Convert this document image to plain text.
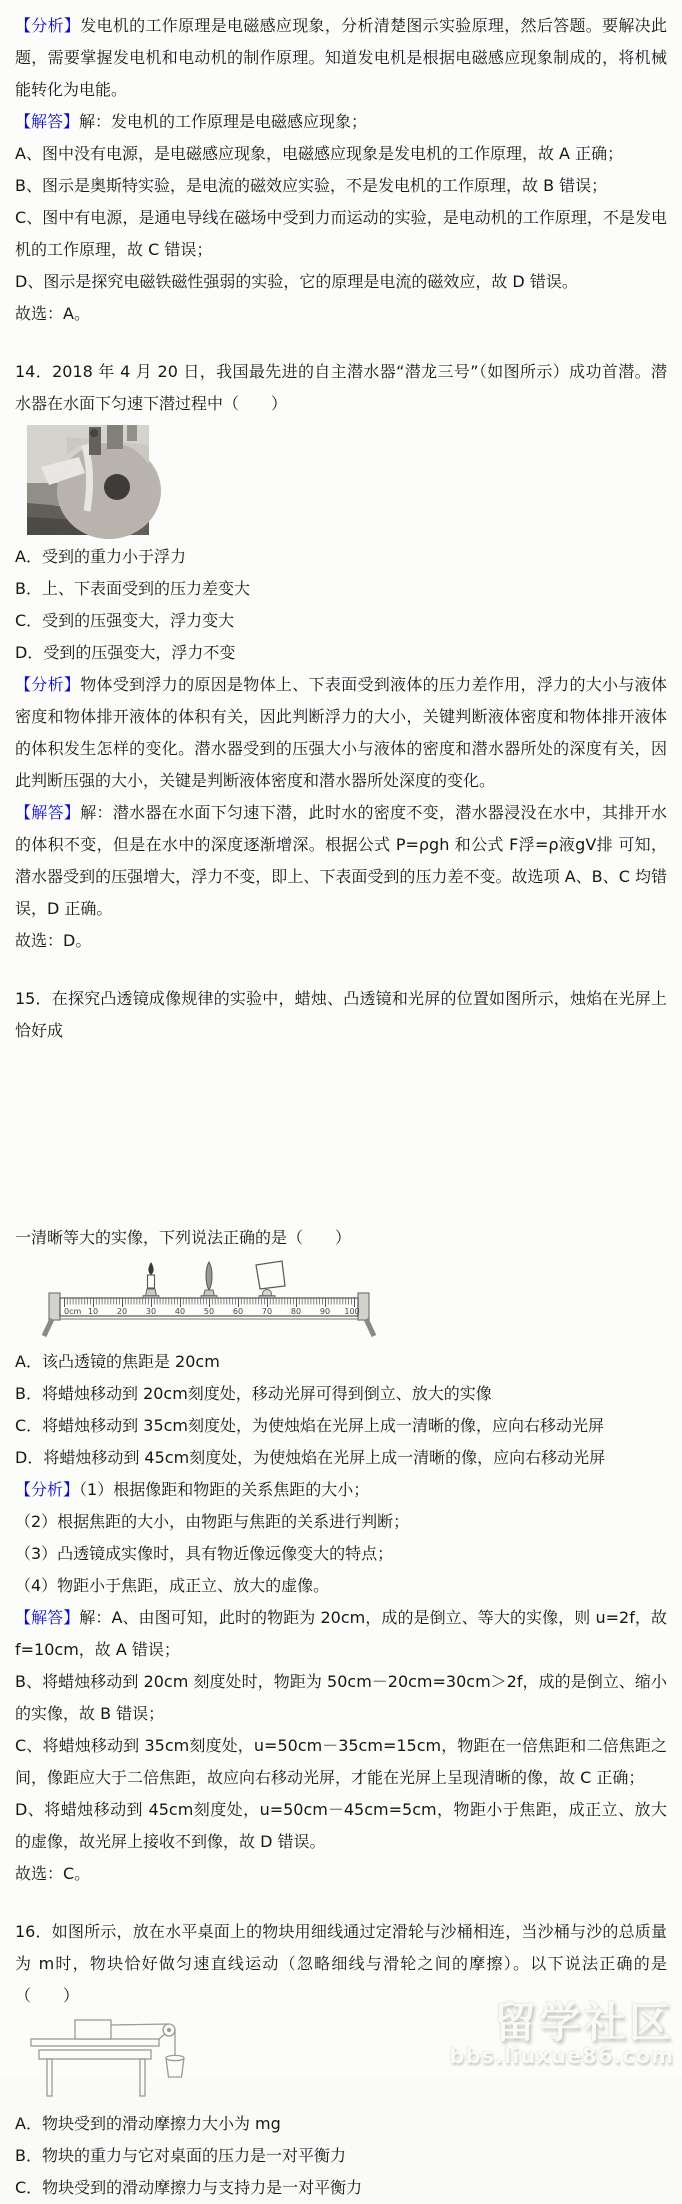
【分析】发电机的工作原理是电磁感应现象，分析清楚图示实验原理，然后答题。要解决此题，需要掌握发电机和电动机的制作原理。知道发电机是根据电磁感应现象制成的，将机械能转化为电能。

【解答】解：发电机的工作原理是电磁感应现象；

A、图中没有电源，是电磁感应现象，电磁感应现象是发电机的工作原理，故 A 正确；

B、图示是奥斯特实验，是电流的磁效应实验，不是发电机的工作原理，故 B 错误；

C、图中有电源，是通电导线在磁场中受到力而运动的实验，是电动机的工作原理，不是发电机的工作原理，故 C 错误；

D、图示是探究电磁铁磁性强弱的实验，它的原理是电流的磁效应，故 D 错误。

故选：A。

14．2018 年 4 月 20 日，我国最先进的自主潜水器“潜龙三号”（如图所示）成功首潜。潜水器在水面下匀速下潜过程中（　　）

A．受到的重力小于浮力

B．上、下表面受到的压力差变大

C．受到的压强变大，浮力变大

D．受到的压强变大，浮力不变

【分析】物体受到浮力的原因是物体上、下表面受到液体的压力差作用，浮力的大小与液体密度和物体排开液体的体积有关，因此判断浮力的大小，关键判断液体密度和物体排开液体的体积发生怎样的变化。潜水器受到的压强大小与液体的密度和潜水器所处的深度有关，因此判断压强的大小，关键是判断液体密度和潜水器所处深度的变化。

【解答】解：潜水器在水面下匀速下潜，此时水的密度不变，潜水器浸没在水中，其排开水的体积不变，但是在水中的深度逐渐增深。根据公式 P=ρgh 和公式 F浮=ρ液gV排 可知，潜水器受到的压强增大，浮力不变，即上、下表面受到的压力差不变。故选项 A、B、C 均错误，D 正确。

故选：D。

15．在探究凸透镜成像规律的实验中，蜡烛、凸透镜和光屏的位置如图所示，烛焰在光屏上恰好成

一清晰等大的实像，下列说法正确的是（　　）

0cm 10 20 30 40 50 60 70 80 90 100

A．该凸透镜的焦距是 20cm

B．将蜡烛移动到 20cm刻度处，移动光屏可得到倒立、放大的实像

C．将蜡烛移动到 35cm刻度处，为使烛焰在光屏上成一清晰的像，应向右移动光屏

D．将蜡烛移动到 45cm刻度处，为使烛焰在光屏上成一清晰的像，应向右移动光屏

【分析】（1）根据像距和物距的关系焦距的大小；

（2）根据焦距的大小，由物距与焦距的关系进行判断；

（3）凸透镜成实像时，具有物近像远像变大的特点；

（4）物距小于焦距，成正立、放大的虚像。

【解答】解：A、由图可知，此时的物距为 20cm，成的是倒立、等大的实像，则 u=2f，故 f=10cm，故 A 错误；

B、将蜡烛移动到 20cm 刻度处时，物距为 50cm－20cm=30cm＞2f，成的是倒立、缩小的实像，故 B 错误；

C、将蜡烛移动到 35cm刻度处，u=50cm－35cm=15cm，物距在一倍焦距和二倍焦距之间，像距应大于二倍焦距，故应向右移动光屏，才能在光屏上呈现清晰的像，故 C 正确；

D、将蜡烛移动到 45cm刻度处，u=50cm－45cm=5cm，物距小于焦距，成正立、放大的虚像，故光屏上接收不到像，故 D 错误。

故选：C。

16．如图所示，放在水平桌面上的物块用细线通过定滑轮与沙桶相连，当沙桶与沙的总质量为 m时，物块恰好做匀速直线运动（忽略细线与滑轮之间的摩擦）。以下说法正确的是（　　）

A．物块受到的滑动摩擦力大小为 mg

B．物块的重力与它对桌面的压力是一对平衡力

C．物块受到的滑动摩擦力与支持力是一对平衡力

留学社区
bbs.liuxue86.com
